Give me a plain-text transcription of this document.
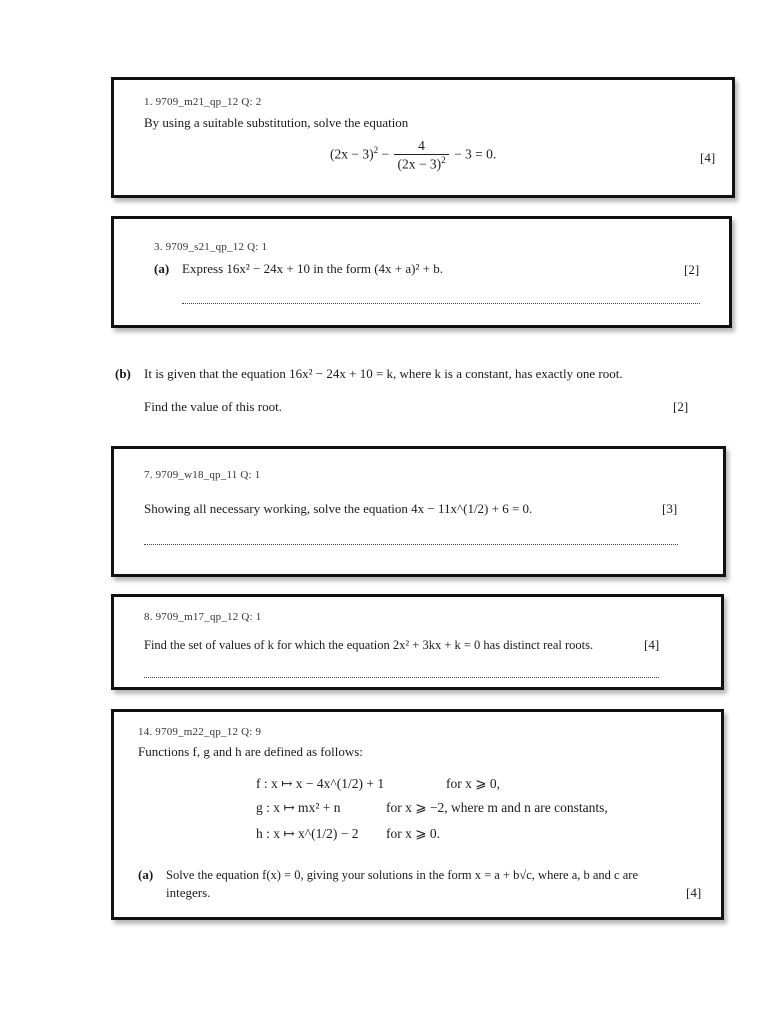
1. 9709_m21_qp_12 Q: 2
By using a suitable substitution, solve the equation
$(2x - 3)^2 - \frac{4}{(2x - 3)^2} - 3 = 0$.	[4]
3. 9709_s21_qp_12 Q: 1
(a) Express 16x² − 24x + 10 in the form (4x + a)² + b.	[2]
(b) It is given that the equation 16x² − 24x + 10 = k, where k is a constant, has exactly one root.
Find the value of this root.	[2]
7. 9709_w18_qp_11 Q: 1
Showing all necessary working, solve the equation 4x − 11x^(1/2) + 6 = 0.	[3]
8. 9709_m17_qp_12 Q: 1
Find the set of values of k for which the equation 2x² + 3kx + k = 0 has distinct real roots.	[4]
14. 9709_m22_qp_12 Q: 9
Functions f, g and h are defined as follows:
f : x ↦ x − 4x^(1/2) + 1	for x ⩾ 0,
g : x ↦ mx² + n	for x ⩾ −2, where m and n are constants,
h : x ↦ x^(1/2) − 2 for x ⩾ 0.
(a) Solve the equation f(x) = 0, giving your solutions in the form x = a + b√c, where a, b and c are
integers.	[4]
